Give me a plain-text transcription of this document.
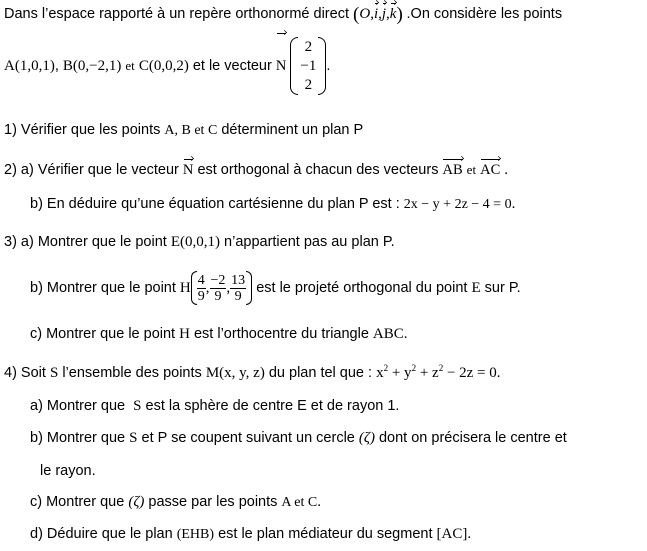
Dans l’espace rapporté à un repère orthonormé direct (O,i,j,k) .On considère les points
A(1,0,1), B(0,−2,1) et C(0,0,2) et le vecteur N
2
−1
2
.
1) Vérifier que les points A, B et C déterminent un plan P
2) a) Vérifier que le vecteur N est orthogonal à chacun des vecteurs AB et AC .
b) En déduire qu’une équation cartésienne du plan P est : 2x − y + 2z − 4 = 0.
3) a) Montrer que le point E(0,0,1) n’appartient pas au plan P.
b) Montrer que le point H $\frac{4}{9}$ , $\frac{-2}{9}$ , $\frac{13}{9}$ est le projeté orthogonal du point E sur P.
c) Montrer que le point H est l’orthocentre du triangle ABC.
4) Soit S l’ensemble des points M(x, y, z) du plan tel que : $x^2 + y^2 + z^2 - 2z = 0$.
a) Montrer que S est la sphère de centre E et de rayon 1.
b) Montrer que S et P se coupent suivant un cercle (ζ) dont on précisera le centre et
le rayon.
c) Montrer que (ζ) passe par les points A et C.
d) Déduire que le plan (EHB) est le plan médiateur du segment [AC].
